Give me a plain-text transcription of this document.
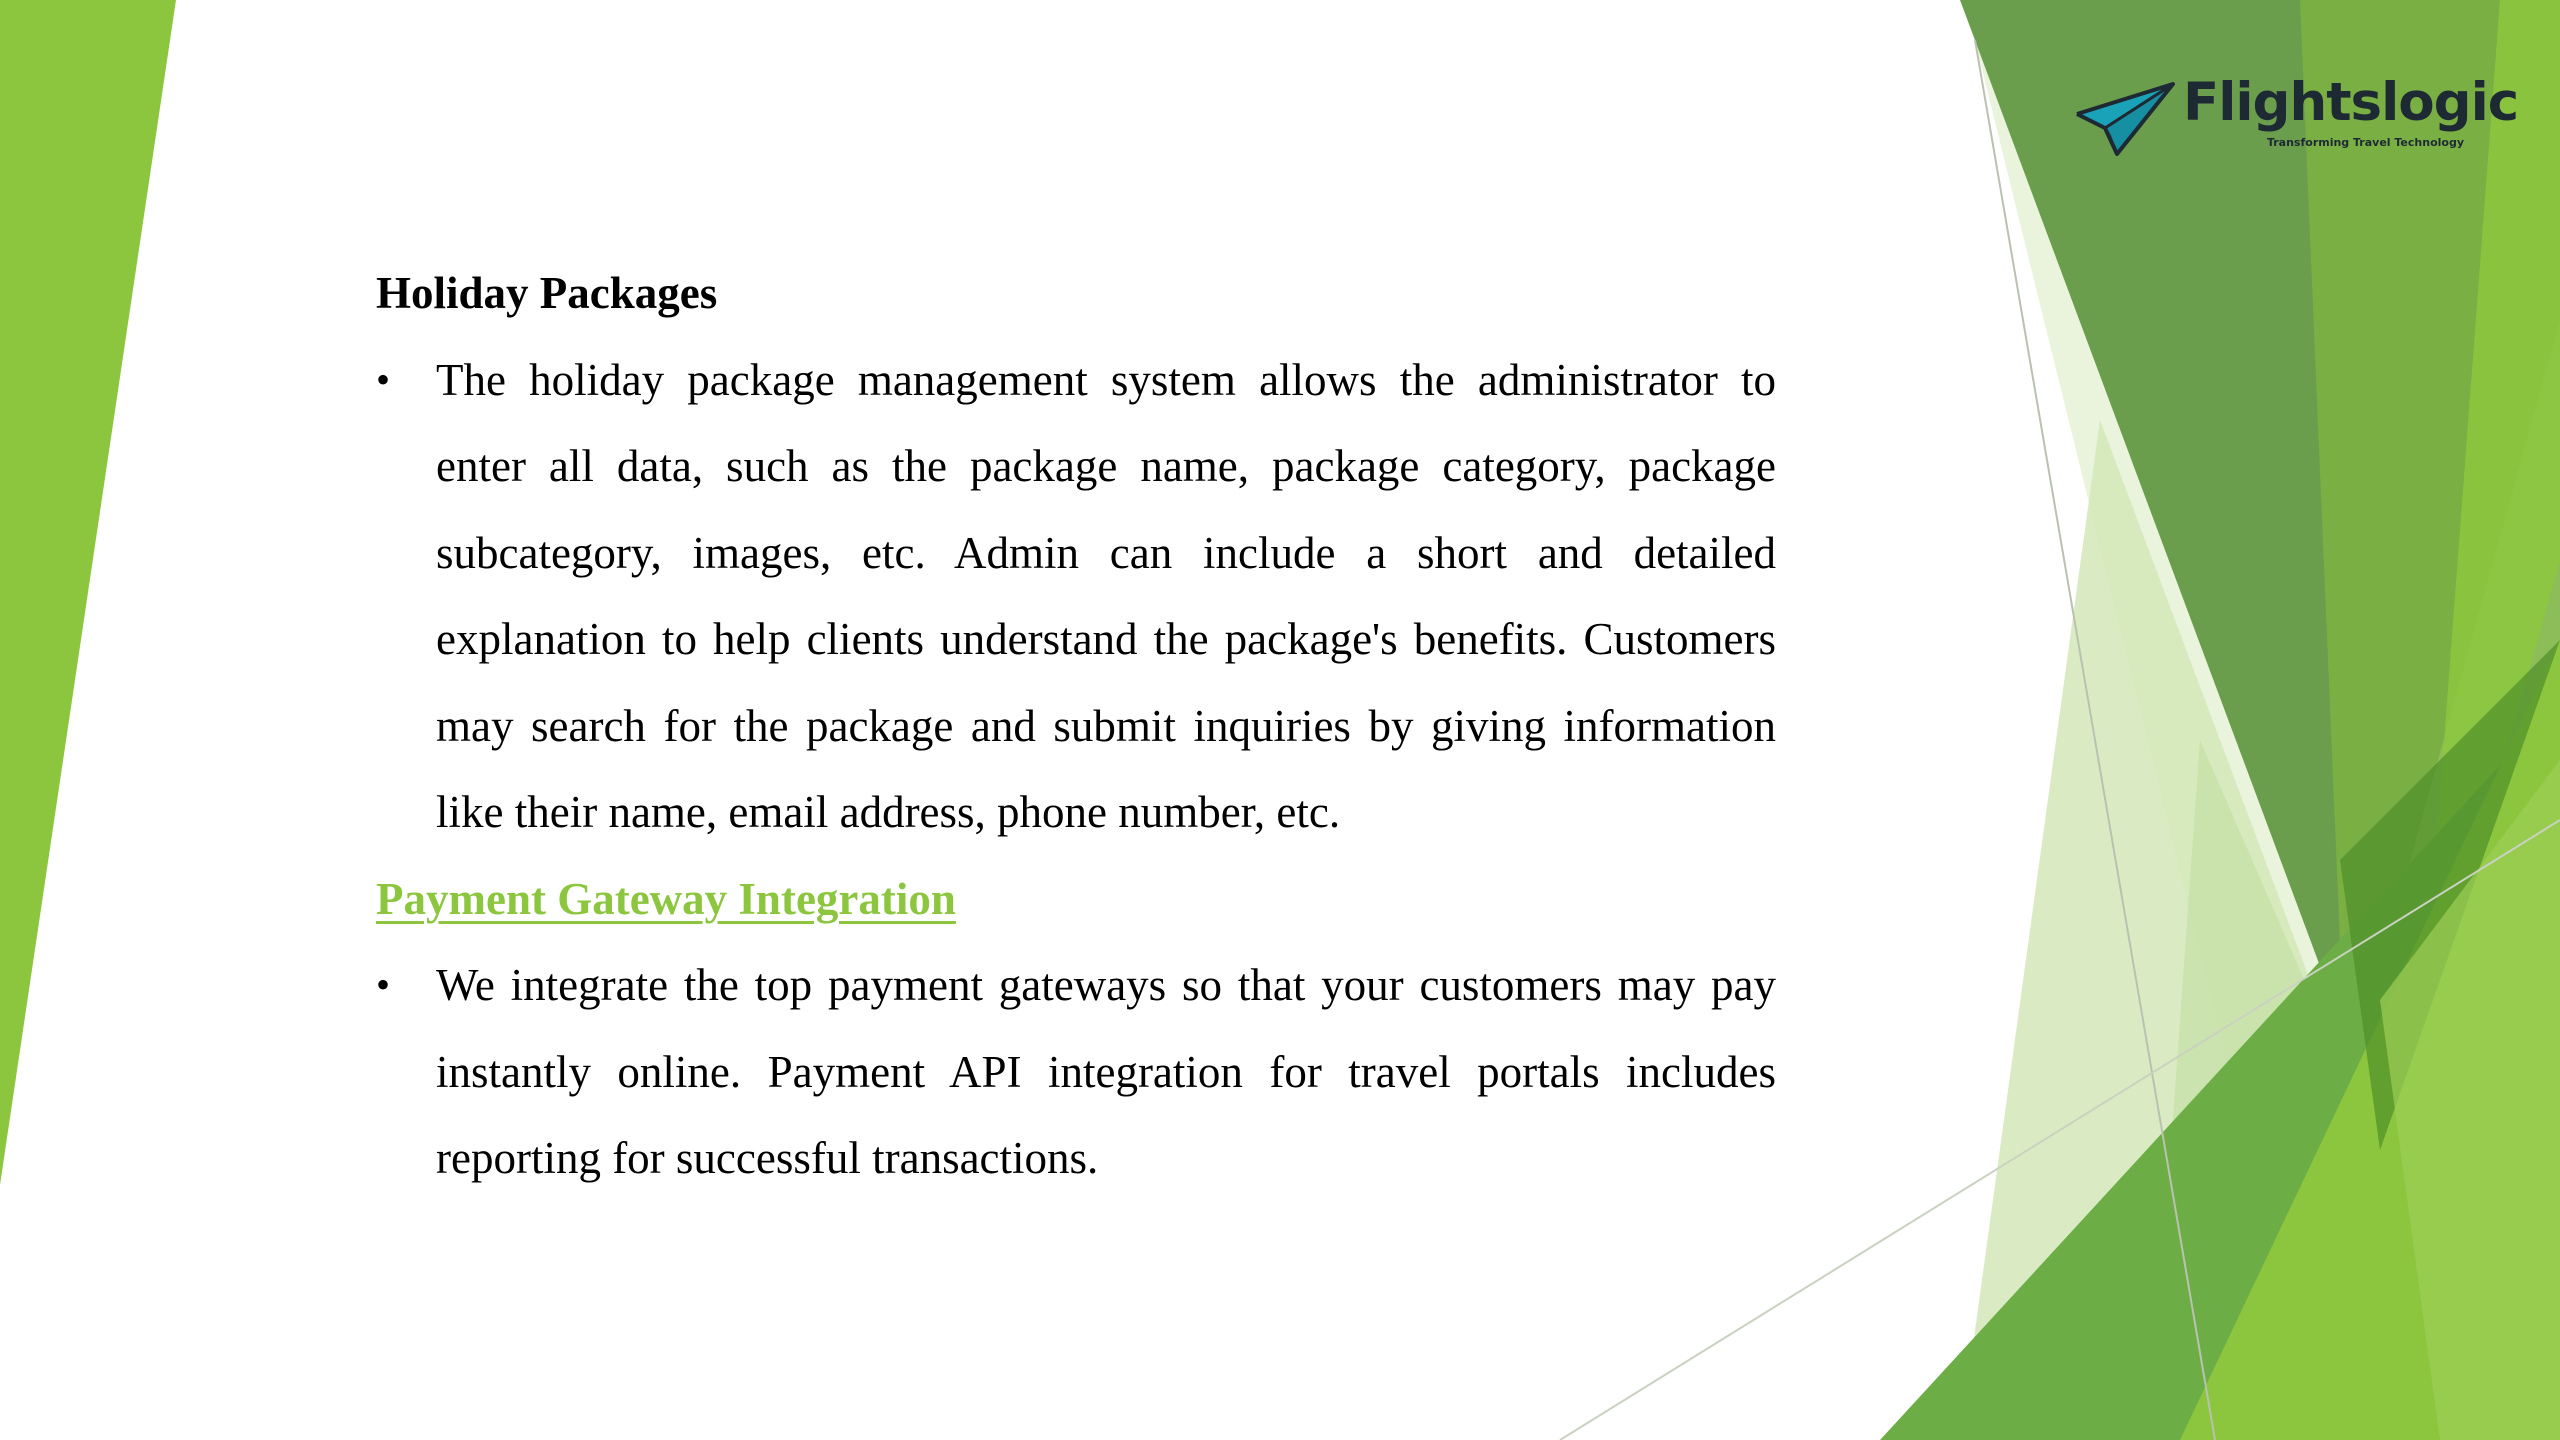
Flightslogic
Transforming Travel Technology

Holiday Packages

• The holiday package management system allows the administrator to enter all data, such as the package name, package category, package subcategory, images, etc. Admin can include a short and detailed explanation to help clients understand the package's benefits. Customers may search for the package and submit inquiries by giving information like their name, email address, phone number, etc.

Payment Gateway Integration

• We integrate the top payment gateways so that your customers may pay instantly online. Payment API integration for travel portals includes reporting for successful transactions.
